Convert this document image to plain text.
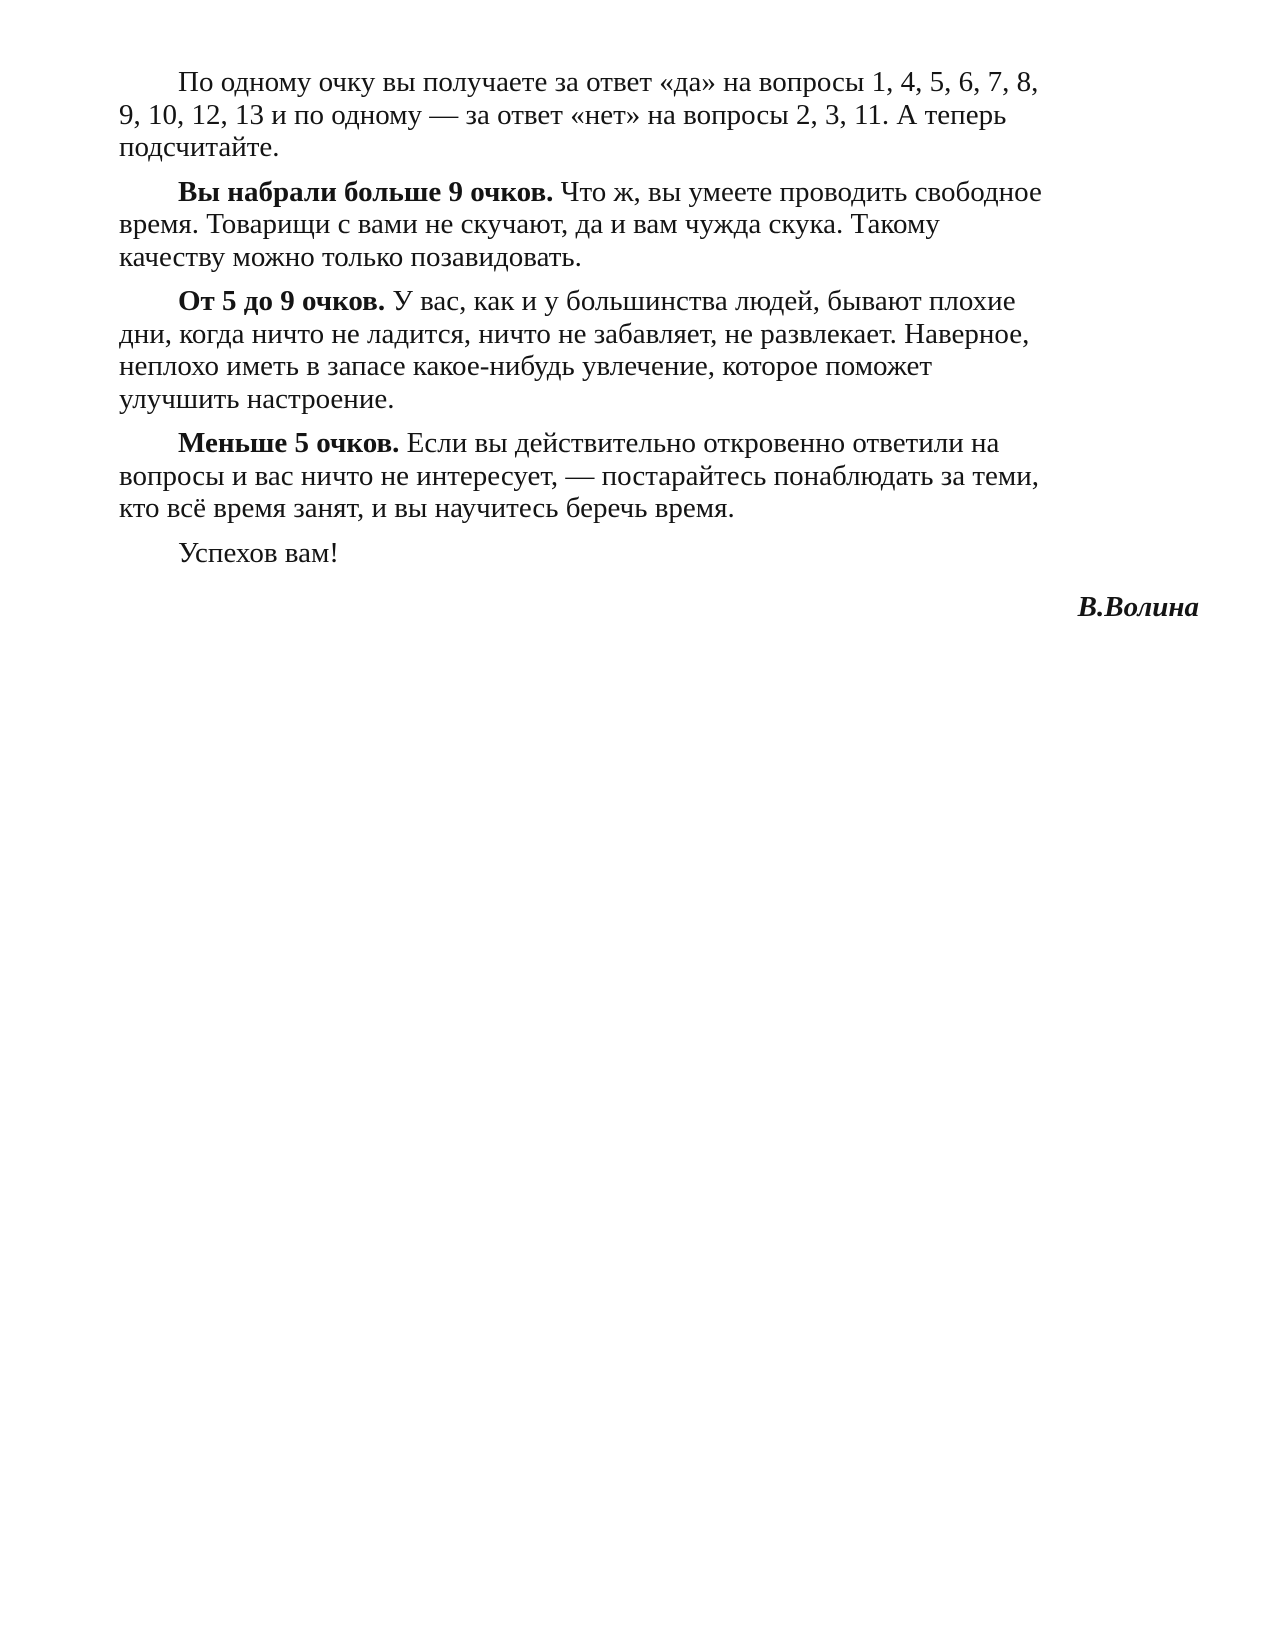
По одному очку вы получаете за ответ «да» на вопросы 1, 4, 5, 6, 7, 8,
9, 10, 12, 13 и по одному — за ответ «нет» на вопросы 2, 3, 11. А теперь
подсчитайте.

Вы набрали больше 9 очков. Что ж, вы умеете проводить свободное
время. Товарищи с вами не скучают, да и вам чужда скука. Такому
качеству можно только позавидовать.

От 5 до 9 очков. У вас, как и у большинства людей, бывают плохие
дни, когда ничто не ладится, ничто не забавляет, не развлекает. Наверное,
неплохо иметь в запасе какое-нибудь увлечение, которое поможет
улучшить настроение.

Меньше 5 очков. Если вы действительно откровенно ответили на
вопросы и вас ничто не интересует, — постарайтесь понаблюдать за теми,
кто всё время занят, и вы научитесь беречь время.

Успехов вам!

В.Волина
